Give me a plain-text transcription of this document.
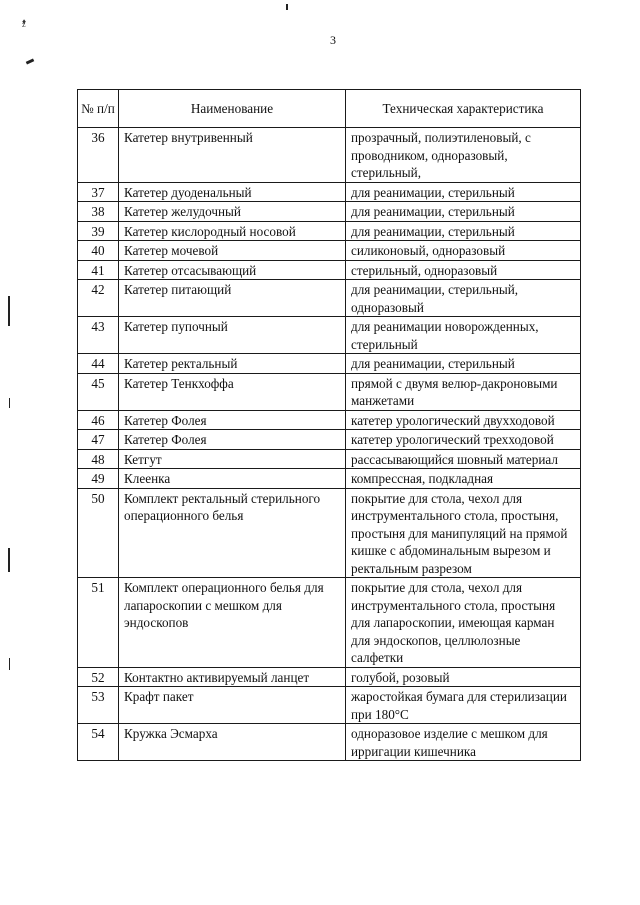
♦ z
3
№ п/п	Наименование	Техническая характеристика
36	Катетер внутривенный	прозрачный, полиэтиленовый, с проводником, одноразовый, стерильный,
37	Катетер дуоденальный	для реанимации, стерильный
38	Катетер желудочный	для реанимации, стерильный
39	Катетер кислородный носовой	для реанимации, стерильный
40	Катетер мочевой	силиконовый, одноразовый
41	Катетер отсасывающий	стерильный, одноразовый
42	Катетер питающий	для реанимации, стерильный, одноразовый
43	Катетер пупочный	для реанимации новорожденных, стерильный
44	Катетер ректальный	для реанимации, стерильный
45	Катетер Тенкхоффа	прямой с двумя велюр-дакроновыми манжетами
46	Катетер Фолея	катетер урологический двухходовой
47	Катетер Фолея	катетер урологический трехходовой
48	Кетгут	рассасывающийся шовный материал
49	Клеенка	компрессная, подкладная
50	Комплект ректальный стерильного операционного белья	покрытие для стола, чехол для инструментального стола, простыня, простыня для манипуляций на прямой кишке с абдоминальным вырезом и ректальным разрезом
51	Комплект операционного белья для лапароскопии с мешком для эндоскопов	покрытие для стола, чехол для инструментального стола, простыня для лапароскопии, имеющая карман для эндоскопов, целлюлозные салфетки
52	Контактно активируемый ланцет	голубой, розовый
53	Крафт пакет	жаростойкая бумага для стерилизации при 180°С
54	Кружка Эсмарха	одноразовое изделие с мешком для ирригации кишечника
